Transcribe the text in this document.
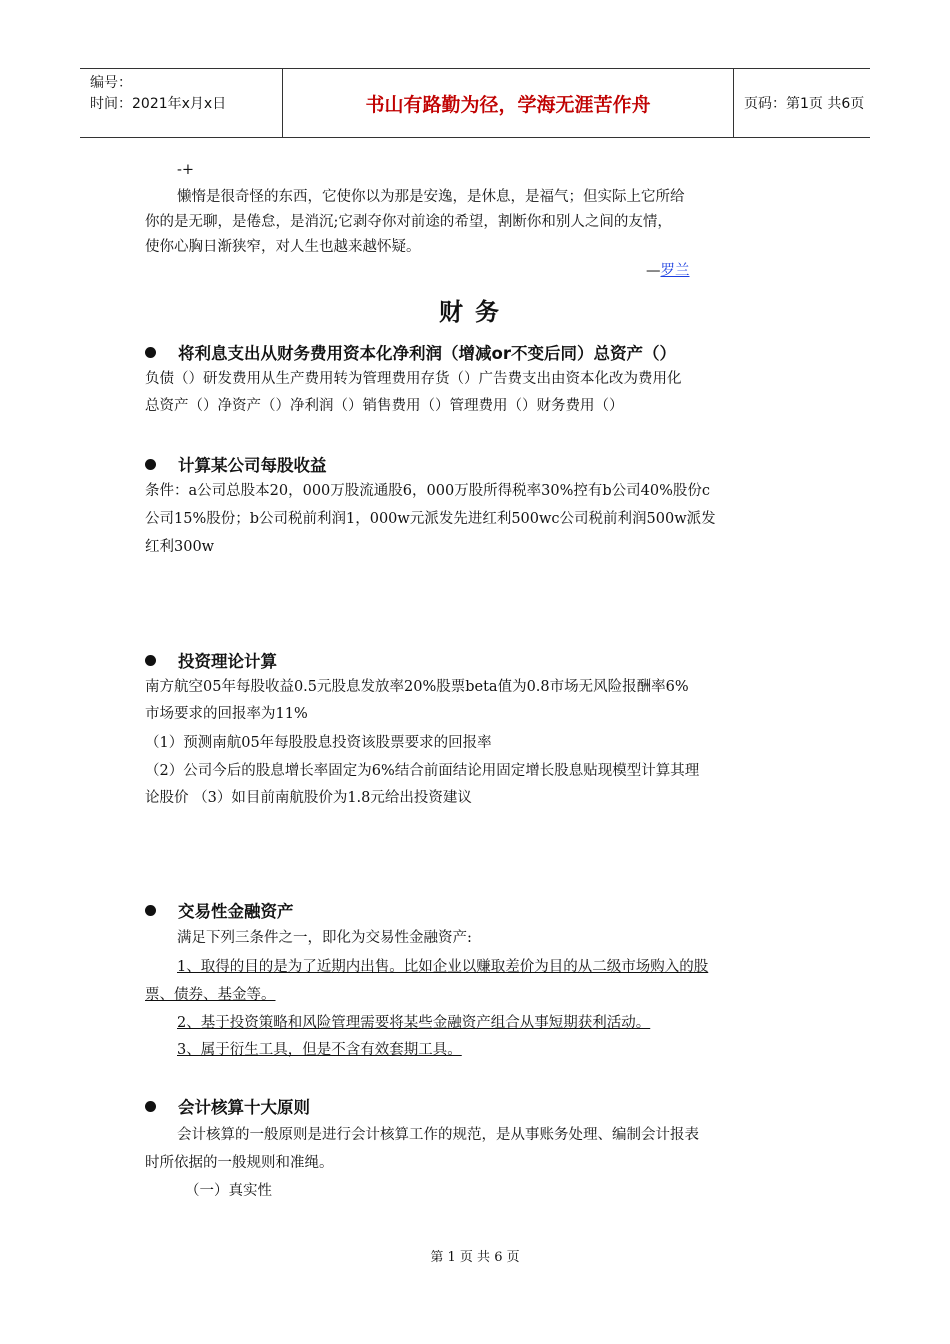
编号：
时间：2021年x月x日	书山有路勤为径，学海无涯苦作舟	页码：第1页 共6页

-+

懒惰是很奇怪的东西，它使你以为那是安逸，是休息，是福气；但实际上它所给

你的是无聊，是倦怠，是消沉;它剥夺你对前途的希望，割断你和别人之间的友情，

使你心胸日渐狭窄，对人生也越来越怀疑。

—罗兰
财务
将利息支出从财务费用资本化净利润（增减or不变后同）总资产（）

负债（）研发费用从生产费用转为管理费用存货（）广告费支出由资本化改为费用化

总资产（）净资产（）净利润（）销售费用（）管理费用（）财务费用（）

计算某公司每股收益

条件：a公司总股本20，000万股流通股6，000万股所得税率30%控有b公司40%股份c

公司15%股份；b公司税前利润1，000w元派发先进红利500wc公司税前利润500w派发

红利300w

投资理论计算

南方航空05年每股收益0.5元股息发放率20%股票beta值为0.8市场无风险报酬率6%

市场要求的回报率为11%

（1）预测南航05年每股股息投资该股票要求的回报率

（2）公司今后的股息增长率固定为6%结合前面结论用固定增长股息贴现模型计算其理

论股价 （3）如目前南航股价为1.8元给出投资建议

交易性金融资产

满足下列三条件之一，即化为交易性金融资产:

1、取得的目的是为了近期内出售。比如企业以赚取差价为目的从二级市场购入的股

票、债券、基金等。

2、基于投资策略和风险管理需要将某些金融资产组合从事短期获利活动。

3、属于衍生工具，但是不含有效套期工具。

会计核算十大原则

会计核算的一般原则是进行会计核算工作的规范，是从事账务处理、编制会计报表

时所依据的一般规则和准绳。

（一）真实性

第 1 页 共 6 页
